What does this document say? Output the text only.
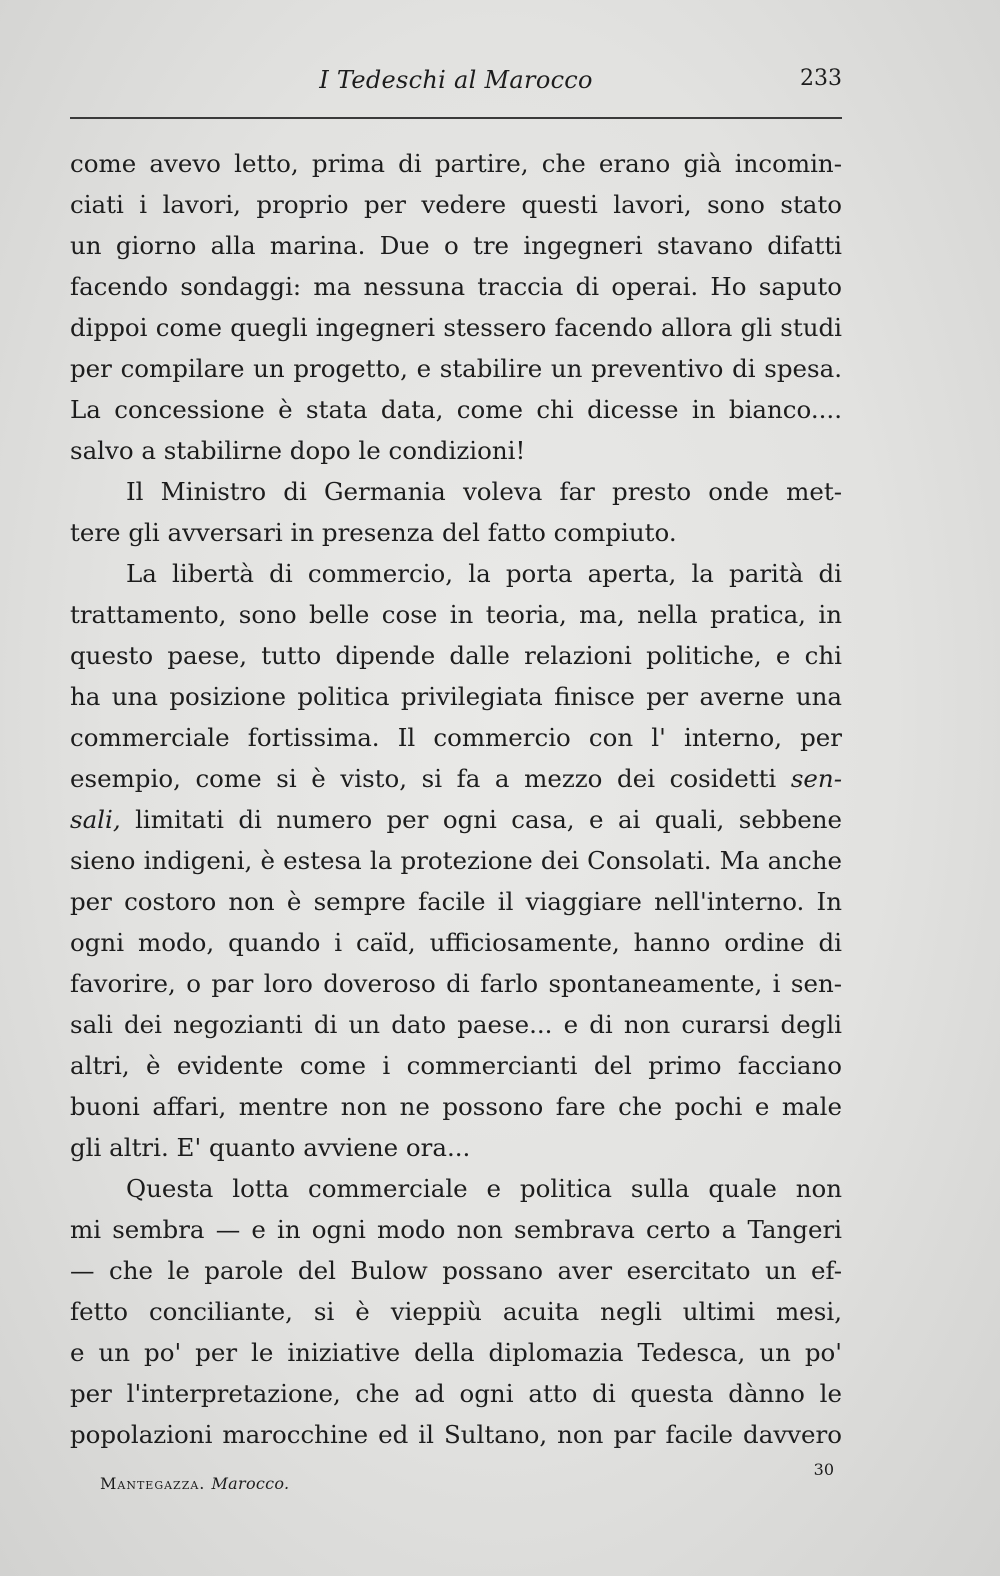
I Tedeschi al Marocco	233
come avevo letto, prima di partire, che erano già incomin-
ciati i lavori, proprio per vedere questi lavori, sono stato
un giorno alla marina. Due o tre ingegneri stavano difatti
facendo sondaggi: ma nessuna traccia di operai. Ho saputo
dippoi come quegli ingegneri stessero facendo allora gli studi
per compilare un progetto, e stabilire un preventivo di spesa.
La concessione è stata data, come chi dicesse in bianco....
salvo a stabilirne dopo le condizioni!
Il Ministro di Germania voleva far presto onde met-
tere gli avversari in presenza del fatto compiuto.
La libertà di commercio, la porta aperta, la parità di
trattamento, sono belle cose in teoria, ma, nella pratica, in
questo paese, tutto dipende dalle relazioni politiche, e chi
ha una posizione politica privilegiata finisce per averne una
commerciale fortissima. Il commercio con l' interno, per
esempio, come si è visto, si fa a mezzo dei cosidetti sen-
sali, limitati di numero per ogni casa, e ai quali, sebbene
sieno indigeni, è estesa la protezione dei Consolati. Ma anche
per costoro non è sempre facile il viaggiare nell'interno. In
ogni modo, quando i caïd, ufficiosamente, hanno ordine di
favorire, o par loro doveroso di farlo spontaneamente, i sen-
sali dei negozianti di un dato paese... e di non curarsi degli
altri, è evidente come i commercianti del primo facciano
buoni affari, mentre non ne possono fare che pochi e male
gli altri. E' quanto avviene ora...
Questa lotta commerciale e politica sulla quale non
mi sembra — e in ogni modo non sembrava certo a Tangeri
— che le parole del Bulow possano aver esercitato un ef-
fetto conciliante, si è vieppiù acuita negli ultimi mesi,
e un po' per le iniziative della diplomazia Tedesca, un po'
per l'interpretazione, che ad ogni atto di questa dànno le
popolazioni marocchine ed il Sultano, non par facile davvero
Mantegazza. Marocco.
30
